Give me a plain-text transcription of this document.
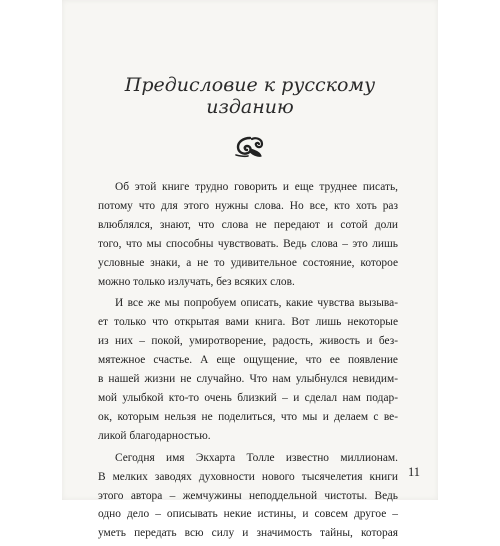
Предисловие к русскому
изданию
Об этой книге трудно говорить и еще труднее писать,
потому что для этого нужны слова. Но все, кто хоть раз
влюблялся, знают, что слова не передают и сотой доли
того, что мы способны чувствовать. Ведь слова – это лишь
условные знаки, а не то удивительное состояние, которое
можно только излучать, без всяких слов.
И все же мы попробуем описать, какие чувства вызыва-
ет только что открытая вами книга. Вот лишь некоторые
из них – покой, умиротворение, радость, живость и без-
мятежное счастье. А еще ощущение, что ее появление
в нашей жизни не случайно. Что нам улыбнулся невидим-
мой улыбкой кто-то очень близкий – и сделал нам подар-
ок, которым нельзя не поделиться, что мы и делаем с ве-
ликой благодарностью.
Сегодня имя Экхарта Толле известно миллионам.
В мелких заводях духовности нового тысячелетия книги
этого автора – жемчужины неподдельной чистоты. Ведь
одно дело – описывать некие истины, и совсем другое –
уметь передать всю силу и значимость тайны, которая
11
